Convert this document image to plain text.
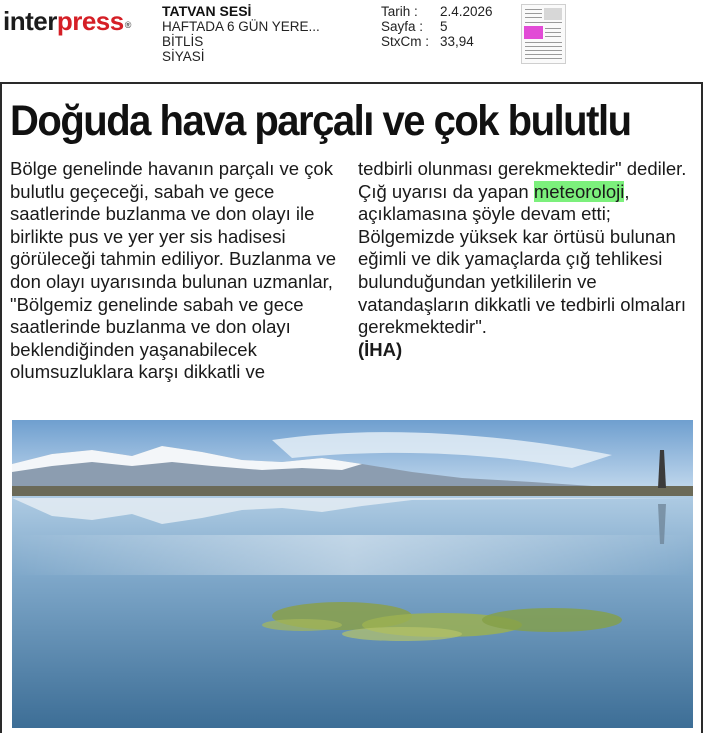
interpress®
TATVAN SESİ
HAFTADA 6 GÜN YERE...
BİTLİS
SİYASİ
Tarih :	2.4.2026
Sayfa :	5
StxCm : 33,94
Doğuda hava parçalı ve çok bulutlu

Bölge genelinde havanın parçalı ve çok bulutlu geçeceği, sabah ve gece saatlerinde buzlanma ve don olayı ile birlikte pus ve yer yer sis hadisesi görüleceği tahmin ediliyor. Buzlanma ve don olayı uyarısında bulunan uzmanlar, "Bölgemiz genelinde sabah ve gece saatlerinde buzlanma ve don olayı beklendiğinden yaşanabilecek olumsuzluklara karşı dikkatli ve

tedbirli olunması gerekmektedir" dediler.

Çığ uyarısı da yapan meteoroloji, açıklamasına şöyle devam etti; Bölgemizde yüksek kar örtüsü bulunan eğimli ve dik yamaçlarda çığ tehlikesi bulunduğundan yetkililerin ve vatandaşların dikkatli ve tedbirli olmaları gerekmektedir".

(İHA)
